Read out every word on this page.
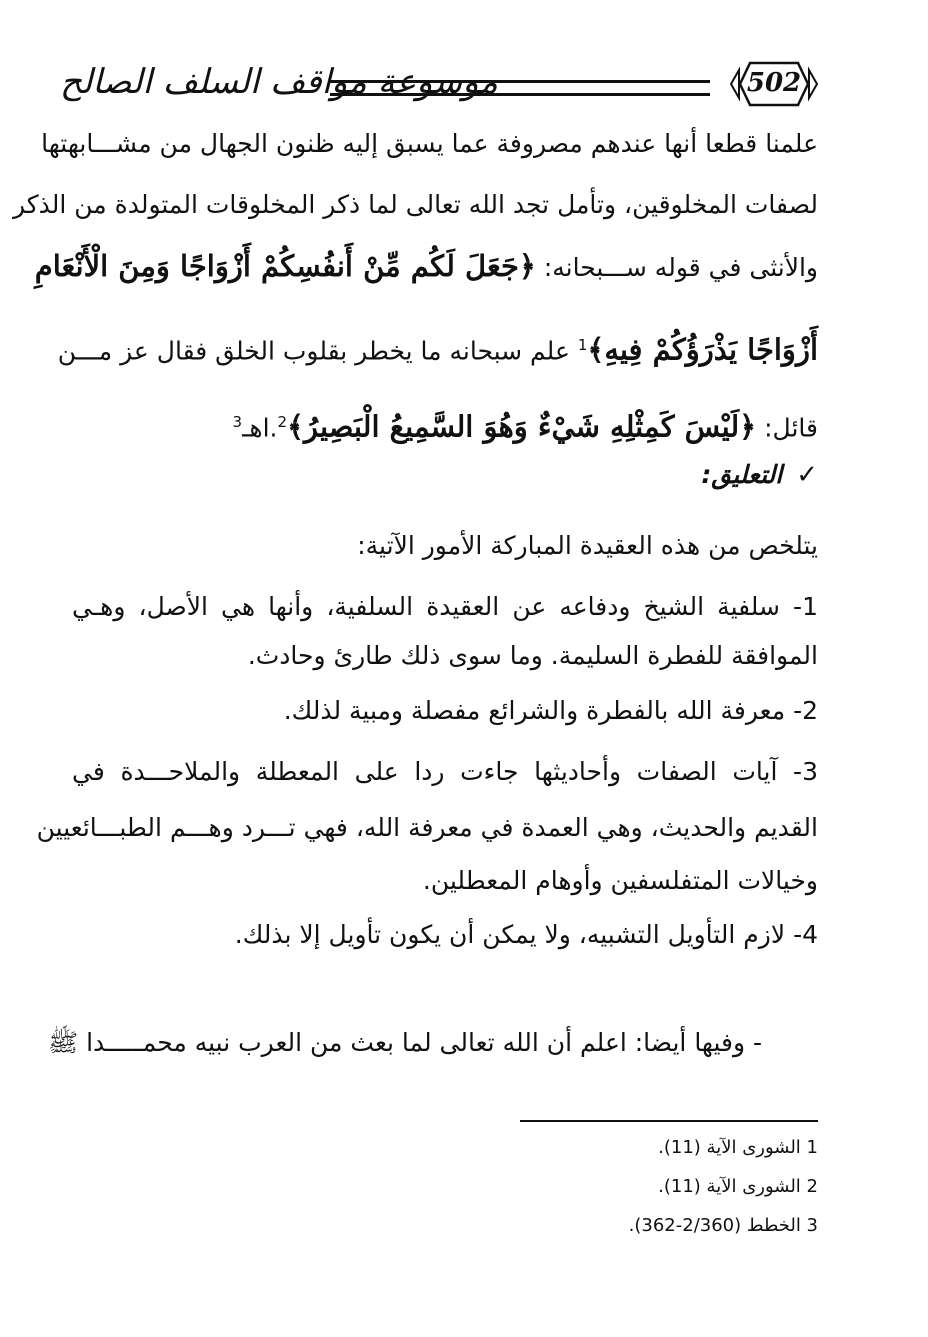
موسوعة مواقف السلف الصالح	502
علمنا قطعا أنها عندهم مصروفة عما يسبق إليه ظنون الجهال من مشـــابهتها
لصفات المخلوقين، وتأمل تجد الله تعالى لما ذكر المخلوقات المتولدة من الذكر
والأنثى في قوله ســـبحانه: ﴿جَعَلَ لَكُم مِّنْ أَنفُسِكُمْ أَزْوَاجًا وَمِنَ الْأَنْعَامِ
أَزْوَاجًا يَذْرَؤُكُمْ فِيهِ﴾$^1$ علم سبحانه ما يخطر بقلوب الخلق فقال عز مـــن
قائل: ﴿لَيْسَ كَمِثْلِهِ شَيْءٌ وَهُوَ السَّمِيعُ الْبَصِيرُ﴾$^2$.اهـ$^3$
✓التعليق:
يتلخص من هذه العقيدة المباركة الأمور الآتية:
1- سلفية الشيخ ودفاعه عن العقيدة السلفية، وأنها هي الأصل، وهـي
الموافقة للفطرة السليمة. وما سوى ذلك طارئ وحادث.
2- معرفة الله بالفطرة والشرائع مفصلة ومبية لذلك.
3- آيات الصفات وأحاديثها جاءت ردا على المعطلة والملاحـــدة في
القديم والحديث، وهي العمدة في معرفة الله، فهي تـــرد وهـــم الطبـــائعيين
وخيالات المتفلسفين وأوهام المعطلين.
4- لازم التأويل التشبيه، ولا يمكن أن يكون تأويل إلا بذلك.
- وفيها أيضا: اعلم أن الله تعالى لما بعث من العرب نبيه محمـــــدا ﷺ
1 الشورى الآية (11).
2 الشورى الآية (11).
3 الخطط (2/360-362).
